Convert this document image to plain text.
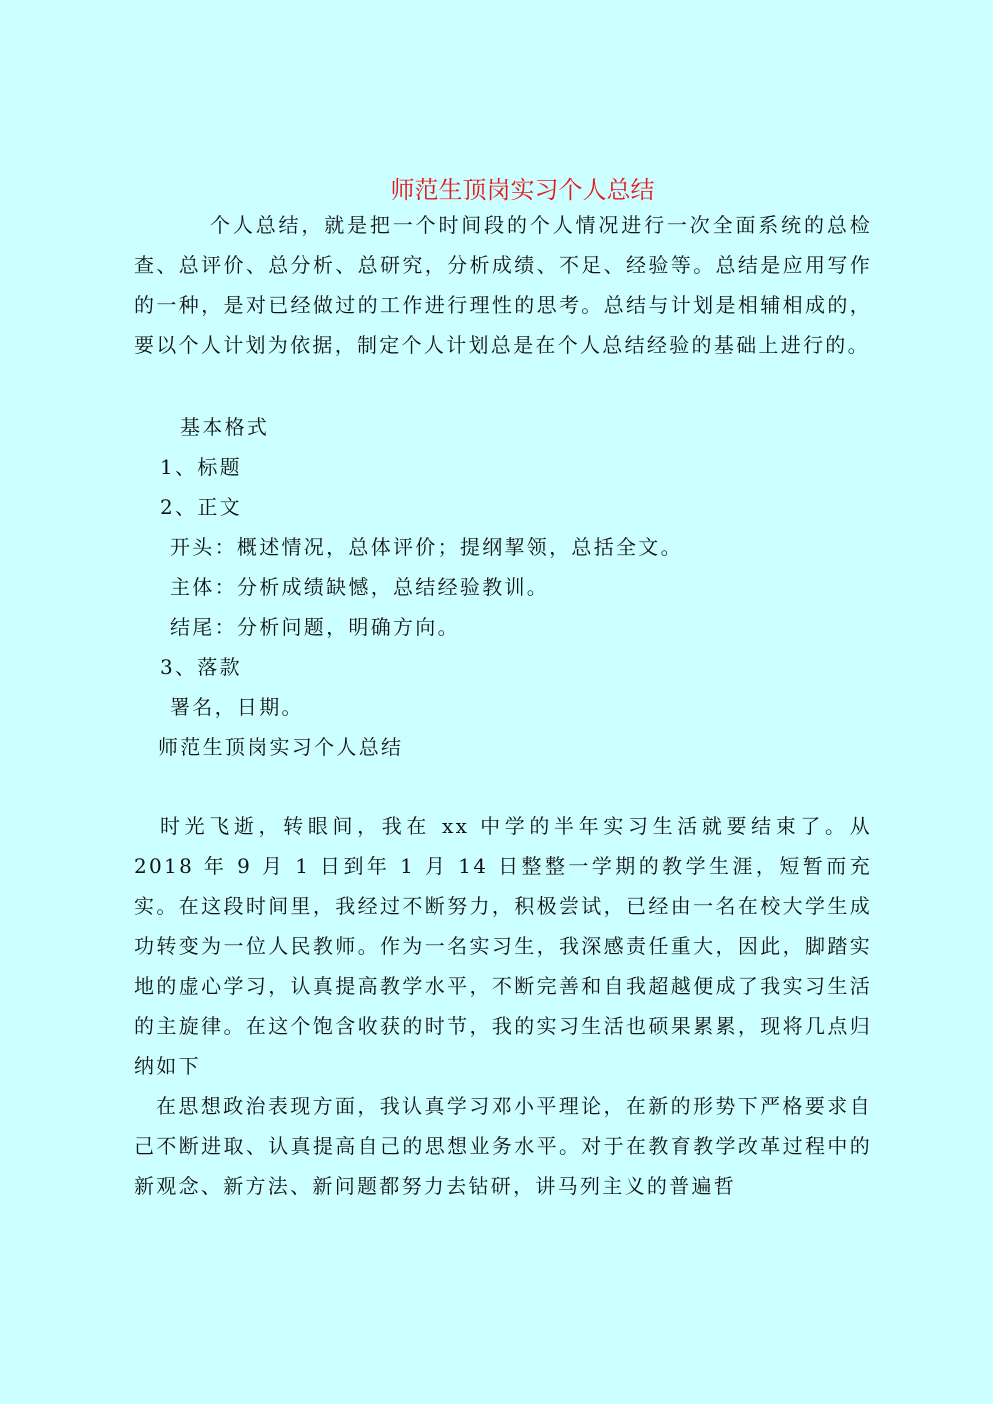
师范生顶岗实习个人总结
个人总结，就是把一个时间段的个人情况进行一次全面系统的总检查、总评价、总分析、总研究，分析成绩、不足、经验等。总结是应用写作的一种，是对已经做过的工作进行理性的思考。总结与计划是相辅相成的，要以个人计划为依据，制定个人计划总是在个人总结经验的基础上进行的。
基本格式
1、标题
2、正文
开头：概述情况，总体评价；提纲挈领，总括全文。
主体：分析成绩缺憾，总结经验教训。
结尾：分析问题，明确方向。
3、落款
署名，日期。
师范生顶岗实习个人总结
时光飞逝，转眼间，我在 xx 中学的半年实习生活就要结束了。从 2018 年 9 月 1 日到年 1 月 14 日整整一学期的教学生涯，短暂而充实。在这段时间里，我经过不断努力，积极尝试，已经由一名在校大学生成功转变为一位人民教师。作为一名实习生，我深感责任重大，因此，脚踏实地的虚心学习，认真提高教学水平，不断完善和自我超越便成了我实习生活的主旋律。在这个饱含收获的时节，我的实习生活也硕果累累，现将几点归纳如下
在思想政治表现方面，我认真学习邓小平理论，在新的形势下严格要求自己不断进取、认真提高自己的思想业务水平。对于在教育教学改革过程中的新观念、新方法、新问题都努力去钻研，讲马列主义的普遍哲
